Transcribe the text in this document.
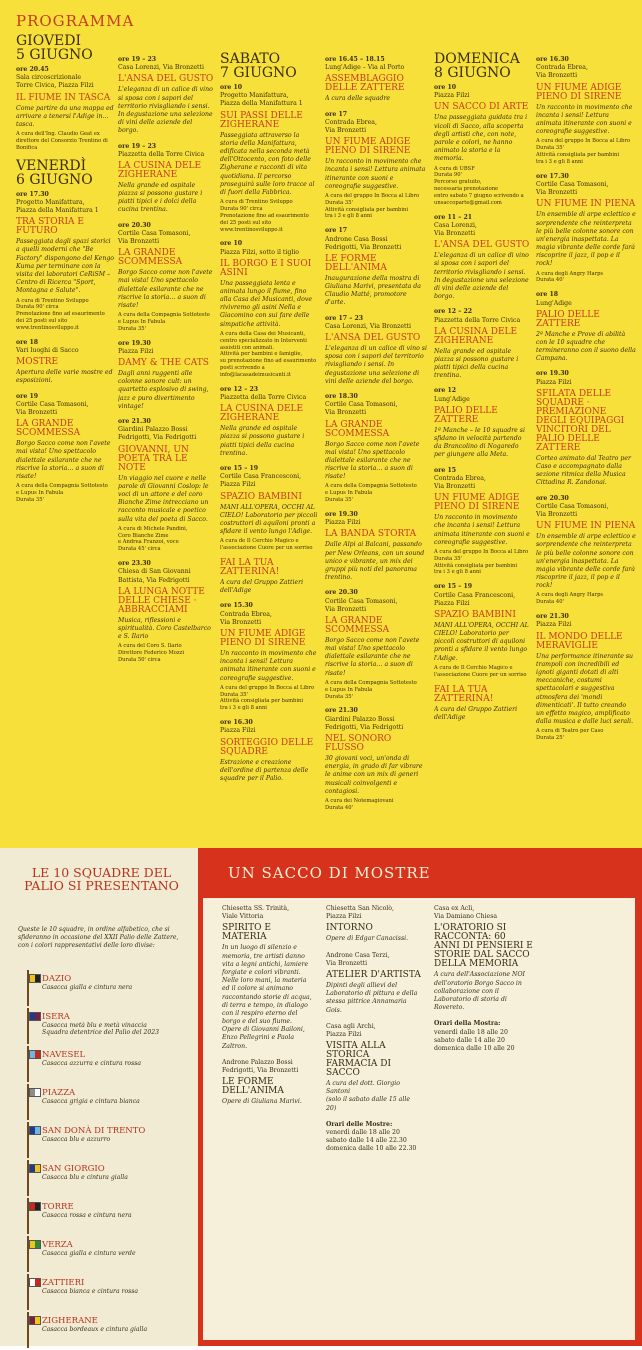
PROGRAMMA
GIOVEDÌ
5 GIUGNO
ore 20.45
Sala circoscrizionale
Torre Civica, Piazza Filzi
IL FIUME IN TASCA
Come partire da una mappa ed arrivare a tenersi l'Adige in… tasca.
A cura dell'Ing. Claudio Geat ex direttore del Consorzio Trentino di Bonifica
VENERDÌ
6 GIUGNO
ore 17.30
Progetto Manifattura,
Piazza della Manifattura 1
TRA STORIA E FUTURO
Passeggiata dagli spazi storici a quelli moderni che "Be Factory" dispongono del Kengo Kuma per terminare con la visita dei laboratori CeRiSM – Centro di Ricerca "Sport, Montagna e Salute".
A cura di Trentino Sviluppo
Durata 90' circa
Prenotazione fino ad esaurimento dei 25 posti sul sito
www.trentinosviluppo.it
ore 18
Vari luoghi di Sacco
MOSTRE
Apertura delle varie mostre ed esposizioni.
ore 19
Cortile Casa Tomasoni,
Via Bronzetti
LA GRANDE SCOMMESSA
Borgo Sacco come non l'avete mai vista! Uno spettacolo dialettale esilarante che ne riscrive la storia… a suon di risate!
A cura della Compagnia Sottotesto
e Lupus In Fabula
Durata 35'
ore 19 – 23
Casa Lorenzi, Via Bronzetti
L'ANSA DEL GUSTO
L'eleganza di un calice di vino si sposa con i sapori del territorio rivisgliando i sensi. In degustazione una selezione di vini delle aziende del borgo.
ore 19 – 23
Piazzetta della Torre Civica
LA CUSINA DELE ZIGHERANE
Nella grande ed ospitale piazza si possono gustare i piatti tipici e i dolci della cucina trentina.
ore 20.30
Cortile Casa Tomasoni,
Via Bronzetti
LA GRANDE SCOMMESSA
Borgo Sacco come non l'avete mai vista! Uno spettacolo dialettale esilarante che ne riscrive la storia… a suon di risate!
A cura della Compagnia Sottotesto
e Lupus In Fabula
Durata 35'
ore 19.30
Piazza Filzi
DAMY & THE CATS
Dagli anni ruggenti alle colonne sonore cult: un quartetto esplosivo di swing, jazz e puro divertimento vintage!
ore 21.30
Giardini Palazzo Bossi
Fedrigotti, Via Fedrigotti
GIOVANNI, UN POETA TRA LE NOTE
Un viaggio nel cuore e nelle parole di Giovanni Coslop: le voci di un attore e del coro Bianche Zime intrecciano un racconto musicale e poetico sulla vita del poeta di Sacco.
A cura di Michele Pandini,
Coro Bianche Zime
e Andrea Franzoi, voce
Durata 45' circa
ore 23.30
Chiesa di San Giovanni
Battista, Via Fedrigotti
LA LUNGA NOTTE DELLE CHIESE · ABBRACCIAMI
Musica, riflessioni e spiritualità. Coro Castelbarco e S. Ilario
A cura del Coro S. Ilario
Direttore Federico Mozzi
Durata 50' circa
SABATO
7 GIUGNO
ore 10
Progetto Manifattura,
Piazza della Manifattura 1
SUI PASSI DELLE ZIGHERANE
Passeggiata attraverso la storia della Manifattura, edificata nella seconda metà dell'Ottocento, con foto delle Zigherane e racconti di vita quotidiana. Il percorso proseguirà sulle loro tracce al di fuori della Fabbrica.
A cura di Trentino Sviluppo
Durata 90' circa
Prenotazione fino ad esaurimento dei 25 posti sul sito
www.trentinosviluppo.it
ore 10
Piazza Filzi, sotto il tiglio
IL BORGO E I SUOI ASINI
Una passeggiata lenta e animata lungo il fiume, fino alla Casa dei Musicanti, dove rivivremo gli asini Nella e Giacomino con sui fare delle simpatiche attività.
A cura della Casa dei Musicanti,
centro specializzato in Interventi assistiti con animali.
Attività per bambini e famiglie,
su prenotazione fino ad esaurimento posti scrivendo a
info@lacasadeimusicanti.it
ore 12 – 23
Piazzetta della Torre Civica
LA CUSINA DELE ZIGHERANE
Nella grande ed ospitale piazza si possono gustare i piatti tipici della cucina trentina.
ore 15 – 19
Cortile Casa Francesconi,
Piazza Filzi
SPAZIO BAMBINI
MANI ALL'OPERA, OCCHI AL CIELO! Laboratorio per piccoli costruttori di aquiloni pronti a sfidare il vento lungo l'Adige.
A cura de Il Cerchio Magico e
l'associazione Cuore per un sorriso
FAI LA TUA ZATTERINA!
A cura del Gruppo Zattieri dell'Adige
ore 15.30
Contrada Ebrea,
Via Bronzetti
UN FIUME ADIGE PIENO DI SIRENE
Un racconto in movimento che incanta i sensi! Lettura animata itinerante con suoni e coreografie suggestive.
A cura del gruppo In Bocca al Libro
Durata 35'
Attività consigliata per bambini
tra i 3 e gli 8 anni
ore 16.30
Piazza Filzi
SORTEGGIO DELLE SQUADRE
Estrazione e creazione dell'ordine di partenza delle squadre per il Palio.
ore 16.45 – 18.15
Lung'Adige – Via al Porto
ASSEMBLAGGIO DELLE ZATTERE
A cura delle squadre
ore 17
Contrada Ebrea,
Via Bronzetti
UN FIUME ADIGE PIENO DI SIRENE
Un racconto in movimento che incanta i sensi! Lettura animata itinerante con suoni e coreografie suggestive.
A cura del gruppo In Bocca al Libro
Durata 35'
Attività consigliata per bambini
tra i 3 e gli 8 anni
ore 17
Androne Casa Bossi
Fedrigotti, Via Bronzetti
LE FORME DELL'ANIMA
Inaugurazione della mostra di Giuliana Marivi, presentata da Claudio Matté, promotore d'arte.
ore 17 – 23
Casa Lorenzi, Via Bronzetti
L'ANSA DEL GUSTO
L'eleganza di un calice di vino si sposa con i sapori del territorio rivisgliando i sensi. In degustazione una selezione di vini delle aziende del borgo.
ore 18.30
Cortile Casa Tomasoni,
Via Bronzetti
LA GRANDE SCOMMESSA
Borgo Sacco come non l'avete mai vista! Uno spettacolo dialettale esilarante che ne riscrive la storia… a suon di risate!
A cura della Compagnia Sottotesto
e Lupus In Fabula
Durata 35'
ore 19.30
Piazza Filzi
LA BANDA STORTA
Dalle Alpi ai Balcani, passando per New Orleans, con un sound unico e vibrante, un mix dei gruppi più noti del panorama trentino.
ore 20.30
Cortile Casa Tomasoni,
Via Bronzetti
LA GRANDE SCOMMESSA
Borgo Sacco come non l'avete mai vista! Uno spettacolo dialettale esilarante che ne riscrive la storia… a suon di risate!
A cura della Compagnia Sottotesto
e Lupus In Fabula
Durata 35'
ore 21.30
Giardini Palazzo Bossi
Fedrigotti, Via Fedrigotti
NEL SONORO FLUSSO
30 giovani voci, un'onda di energia, in grado di far vibrare le anime con un mix di generi musicali coinvolgenti e contagiosi.
A cura dei Notemagiovani
Durata 40'
DOMENICA
8 GIUGNO
ore 10
Piazza Filzi
UN SACCO DI ARTE
Una passeggiata guidata tra i vicoli di Sacco, alla scoperta degli artisti che, con note, parole e colori, ne hanno animato la storia e la memoria.
A cura di UBSF
Durata 90'
Percorso gratuito,
necessaria prenotazione
entro sabato 7 giugno scrivendo a
unsaccoparte@gmail.com
ore 11 – 21
Casa Lorenzi,
Via Bronzetti
L'ANSA DEL GUSTO
L'eleganza di un calice di vino si sposa con i sapori del territorio rivisgliando i sensi. In degustazione una selezione di vini delle aziende del borgo.
ore 12 – 22
Piazzetta della Torre Civica
LA CUSINA DELE ZIGHERANE
Nella grande ed ospitale piazza si possono gustare i piatti tipici della cucina trentina.
ore 12
Lung'Adige
PALIO DELLE ZATTERE
1ª Manche – le 10 squadre si sfidano in velocità partendo da Brancolino di Nogaredo per giungere alla Meta.
ore 15
Contrada Ebrea,
Via Bronzetti
UN FIUME ADIGE PIENO DI SIRENE
Un racconto in movimento che incanta i sensi! Lettura animata itinerante con suoni e coreografie suggestive.
A cura del gruppo In Bocca al Libro
Durata 35'
Attività consigliata per bambini
tra i 3 e gli 8 anni
ore 15 – 19
Cortile Casa Francesconi,
Piazza Filzi
SPAZIO BAMBINI
MANI ALL'OPERA, OCCHI AL CIELO! Laboratorio per piccoli costruttori di aquiloni pronti a sfidare il vento lungo l'Adige.
A cura de Il Cerchio Magico e
l'associazione Cuore per un sorriso
FAI LA TUA ZATTERINA!
A cura del Gruppo Zattieri dell'Adige
ore 16.30
Contrada Ebrea,
Via Bronzetti
UN FIUME ADIGE PIENO DI SIRENE
Un racconto in movimento che incanta i sensi! Lettura animata itinerante con suoni e coreografie suggestive.
A cura del gruppo In Bocca al Libro
Durata 35'
Attività consigliata per bambini
tra i 3 e gli 8 anni
ore 17.30
Cortile Casa Tomasoni,
Via Bronzetti
UN FIUME IN PIENA
Un ensemble di arpe eclettico e sorprendente che reinterpreta le più belle colonne sonore con un'energia inaspettata. La magia vibrante delle corde farà riscoprire il jazz, il pop e il rock!
A cura degli Angry Harps
Durata 40'
ore 18
Lung'Adige
PALIO DELLE ZATTERE
2ª Manche e Prove di abilità con le 10 squadre che termineranno con il suono della Campana.
ore 19.30
Piazza Filzi
SFILATA DELLE SQUADRE · PREMIAZIONE DEGLI EQUIPAGGI VINCITORI DEL PALIO DELLE ZATTERE
Corteo animato dal Teatro per Caso e accompagnato dalla sezione ritmica della Musica Cittadina R. Zandonai.
ore 20.30
Cortile Casa Tomasoni,
Via Bronzetti
UN FIUME IN PIENA
Un ensemble di arpe eclettico e sorprendente che reinterpreta le più belle colonne sonore con un'energia inaspettata. La magia vibrante delle corde farà riscoprire il jazz, il pop e il rock!
A cura degli Angry Harps
Durata 40'
ore 21.30
Piazza Filzi
IL MONDO DELLE MERAVIGLIE
Una performance itinerante su trampoli con incredibili ed ignoti giganti dotati di alti meccaniche, costumi spettacolari e suggestiva atmosfera dei 'mondi dimenticati'. Il tutto creando un effetto magico, amplificato dalla musica e dalle luci serali.
A cura di Teatro per Caso
Durata 25'
LE 10 SQUADRE DEL PALIO SI PRESENTANO

Queste le 10 squadre, in ordine alfabetico, che si sfideranno in occasione del XXII Palio delle Zattere, con i colori rappresentativi delle loro divise:

DAZIO
Casacca gialla e cintura nera
ISERA
Casacca metà blu e metà vinaccia
Squadra detentrice del Palio del 2023
NAVESEL
Casacca azzurra e cintura rossa
PIAZZA
Casacca grigia e cintura bianca
SAN DONÀ DI TRENTO
Casacca blu e azzurro
SAN GIORGIO
Casacca blu e cintura gialla
TORRE
Casacca rossa e cintura nera
VERZA
Casacca gialla e cintura verde
ZATTIERI
Casacca bianca e cintura rossa
ZIGHERANE
Casacca bordeaux e cintura gialla
UN SACCO DI MOSTRE
Chiesetta SS. Trinità,
Viale Vittoria
SPIRITO E MATERIA
In un luogo di silenzio e memoria, tre artisti danno vita a legni antichi, lamiere forgiate e colori vibranti. Nelle loro mani, la materia ed il colore si animano raccontando storie di acqua, di terra e tempo, in dialogo con il respiro eterno del borgo e del suo fiume.
Opere di Giovanni Bailoni, Enzo Pellegrini e Paola Zaltron.
Androne Palazzo Bossi
Fedrigotti, Via Bronzetti
LE FORME DELL'ANIMA
Opere di Giuliana Marivi.
Chiesetta San Nicolò,
Piazza Filzi
INTORNO
Opere di Edgar Canacissi.
Androne Casa Terzi,
Via Bronzetti
ATELIER D'ARTISTA
Dipinti degli allievi del Laboratorio di pittura e della stessa pittrice Annamaria Gois.
Casa agli Archi,
Piazza Filzi
VISITA ALLA STORICA FARMACIA DI SACCO
A cura del dott. Giorgio Santoni
(solo il sabato dalle 15 alle 20)
Orari delle Mostre:
venerdì dalle 18 alle 20
sabato dalle 14 alle 22.30
domenica dalle 10 alle 22.30
Casa ex Acli,
Via Damiano Chiesa
L'ORATORIO SI RACCONTA: 60 ANNI DI PENSIERI E STORIE DAL SACCO DELLA MEMORIA
A cura dell'Associazione NOI dell'oratorio Borgo Sacco in collaborazione con il Laboratorio di storia di Rovereto.
Orari della Mostra:
venerdì dalle 18 alle 20
sabato dalle 14 alle 20
domenica dalle 10 alle 20
